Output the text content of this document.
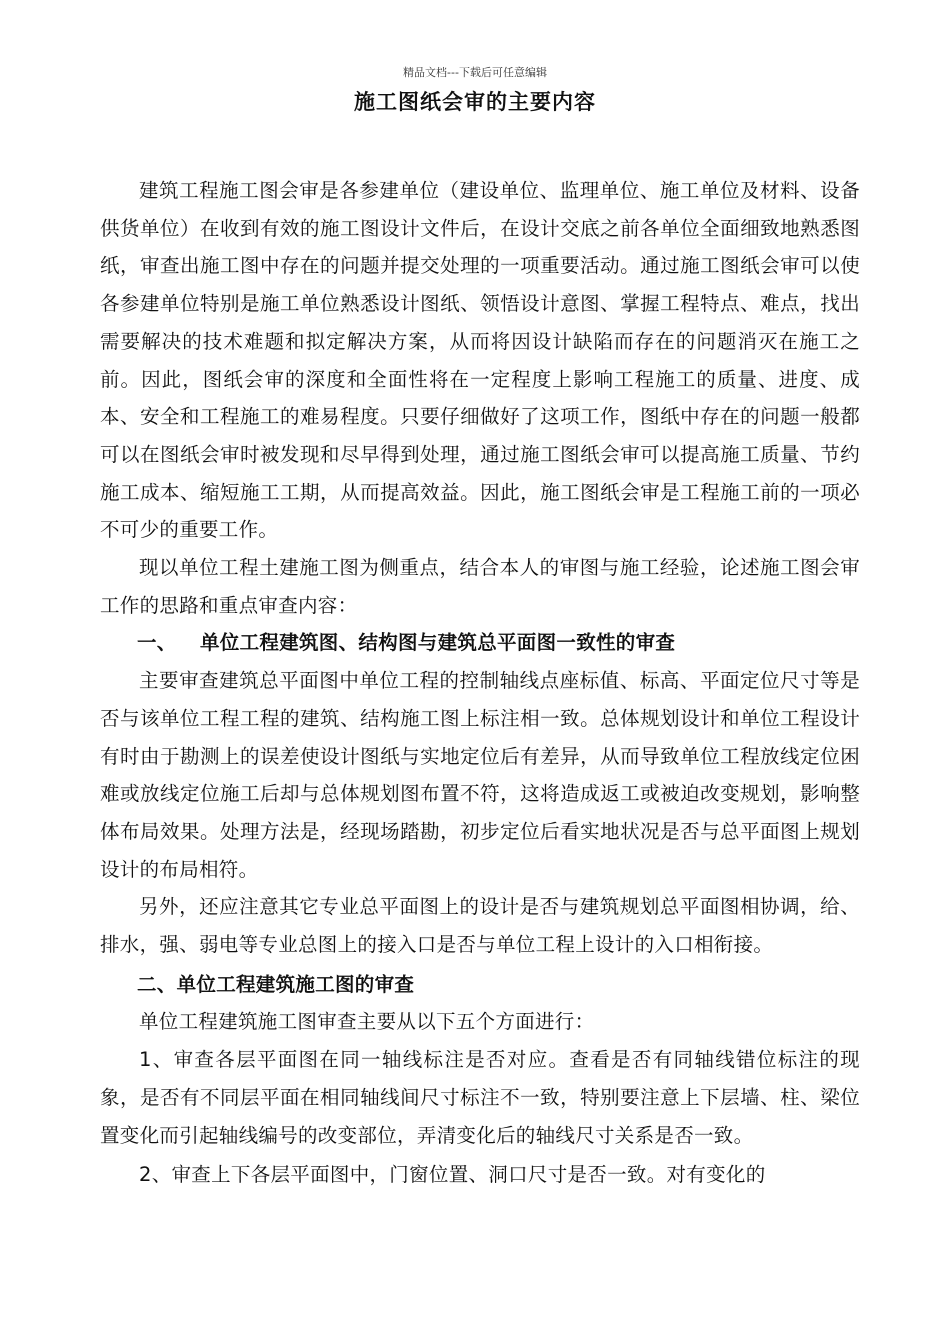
精品文档---下载后可任意编辑
施工图纸会审的主要内容

建筑工程施工图会审是各参建单位（建设单位、监理单位、施工单位及材料、设备供货单位）在收到有效的施工图设计文件后，在设计交底之前各单位全面细致地熟悉图纸，审查出施工图中存在的问题并提交处理的一项重要活动。通过施工图纸会审可以使各参建单位特别是施工单位熟悉设计图纸、领悟设计意图、掌握工程特点、难点，找出需要解决的技术难题和拟定解决方案，从而将因设计缺陷而存在的问题消灭在施工之前。因此，图纸会审的深度和全面性将在一定程度上影响工程施工的质量、进度、成本、安全和工程施工的难易程度。只要仔细做好了这项工作，图纸中存在的问题一般都可以在图纸会审时被发现和尽早得到处理，通过施工图纸会审可以提高施工质量、节约施工成本、缩短施工工期，从而提高效益。因此，施工图纸会审是工程施工前的一项必不可少的重要工作。

现以单位工程土建施工图为侧重点，结合本人的审图与施工经验，论述施工图会审工作的思路和重点审查内容：

一、 单位工程建筑图、结构图与建筑总平面图一致性的审查

主要审查建筑总平面图中单位工程的控制轴线点座标值、标高、平面定位尺寸等是否与该单位工程工程的建筑、结构施工图上标注相一致。总体规划设计和单位工程设计有时由于勘测上的误差使设计图纸与实地定位后有差异，从而导致单位工程放线定位困难或放线定位施工后却与总体规划图布置不符，这将造成返工或被迫改变规划，影响整体布局效果。处理方法是，经现场踏勘，初步定位后看实地状况是否与总平面图上规划设计的布局相符。

另外，还应注意其它专业总平面图上的设计是否与建筑规划总平面图相协调，给、排水，强、弱电等专业总图上的接入口是否与单位工程上设计的入口相衔接。

二、单位工程建筑施工图的审查

单位工程建筑施工图审查主要从以下五个方面进行：

1、审查各层平面图在同一轴线标注是否对应。查看是否有同轴线错位标注的现象，是否有不同层平面在相同轴线间尺寸标注不一致，特别要注意上下层墙、柱、梁位置变化而引起轴线编号的改变部位，弄清变化后的轴线尺寸关系是否一致。

2、审查上下各层平面图中，门窗位置、洞口尺寸是否一致。对有变化的
